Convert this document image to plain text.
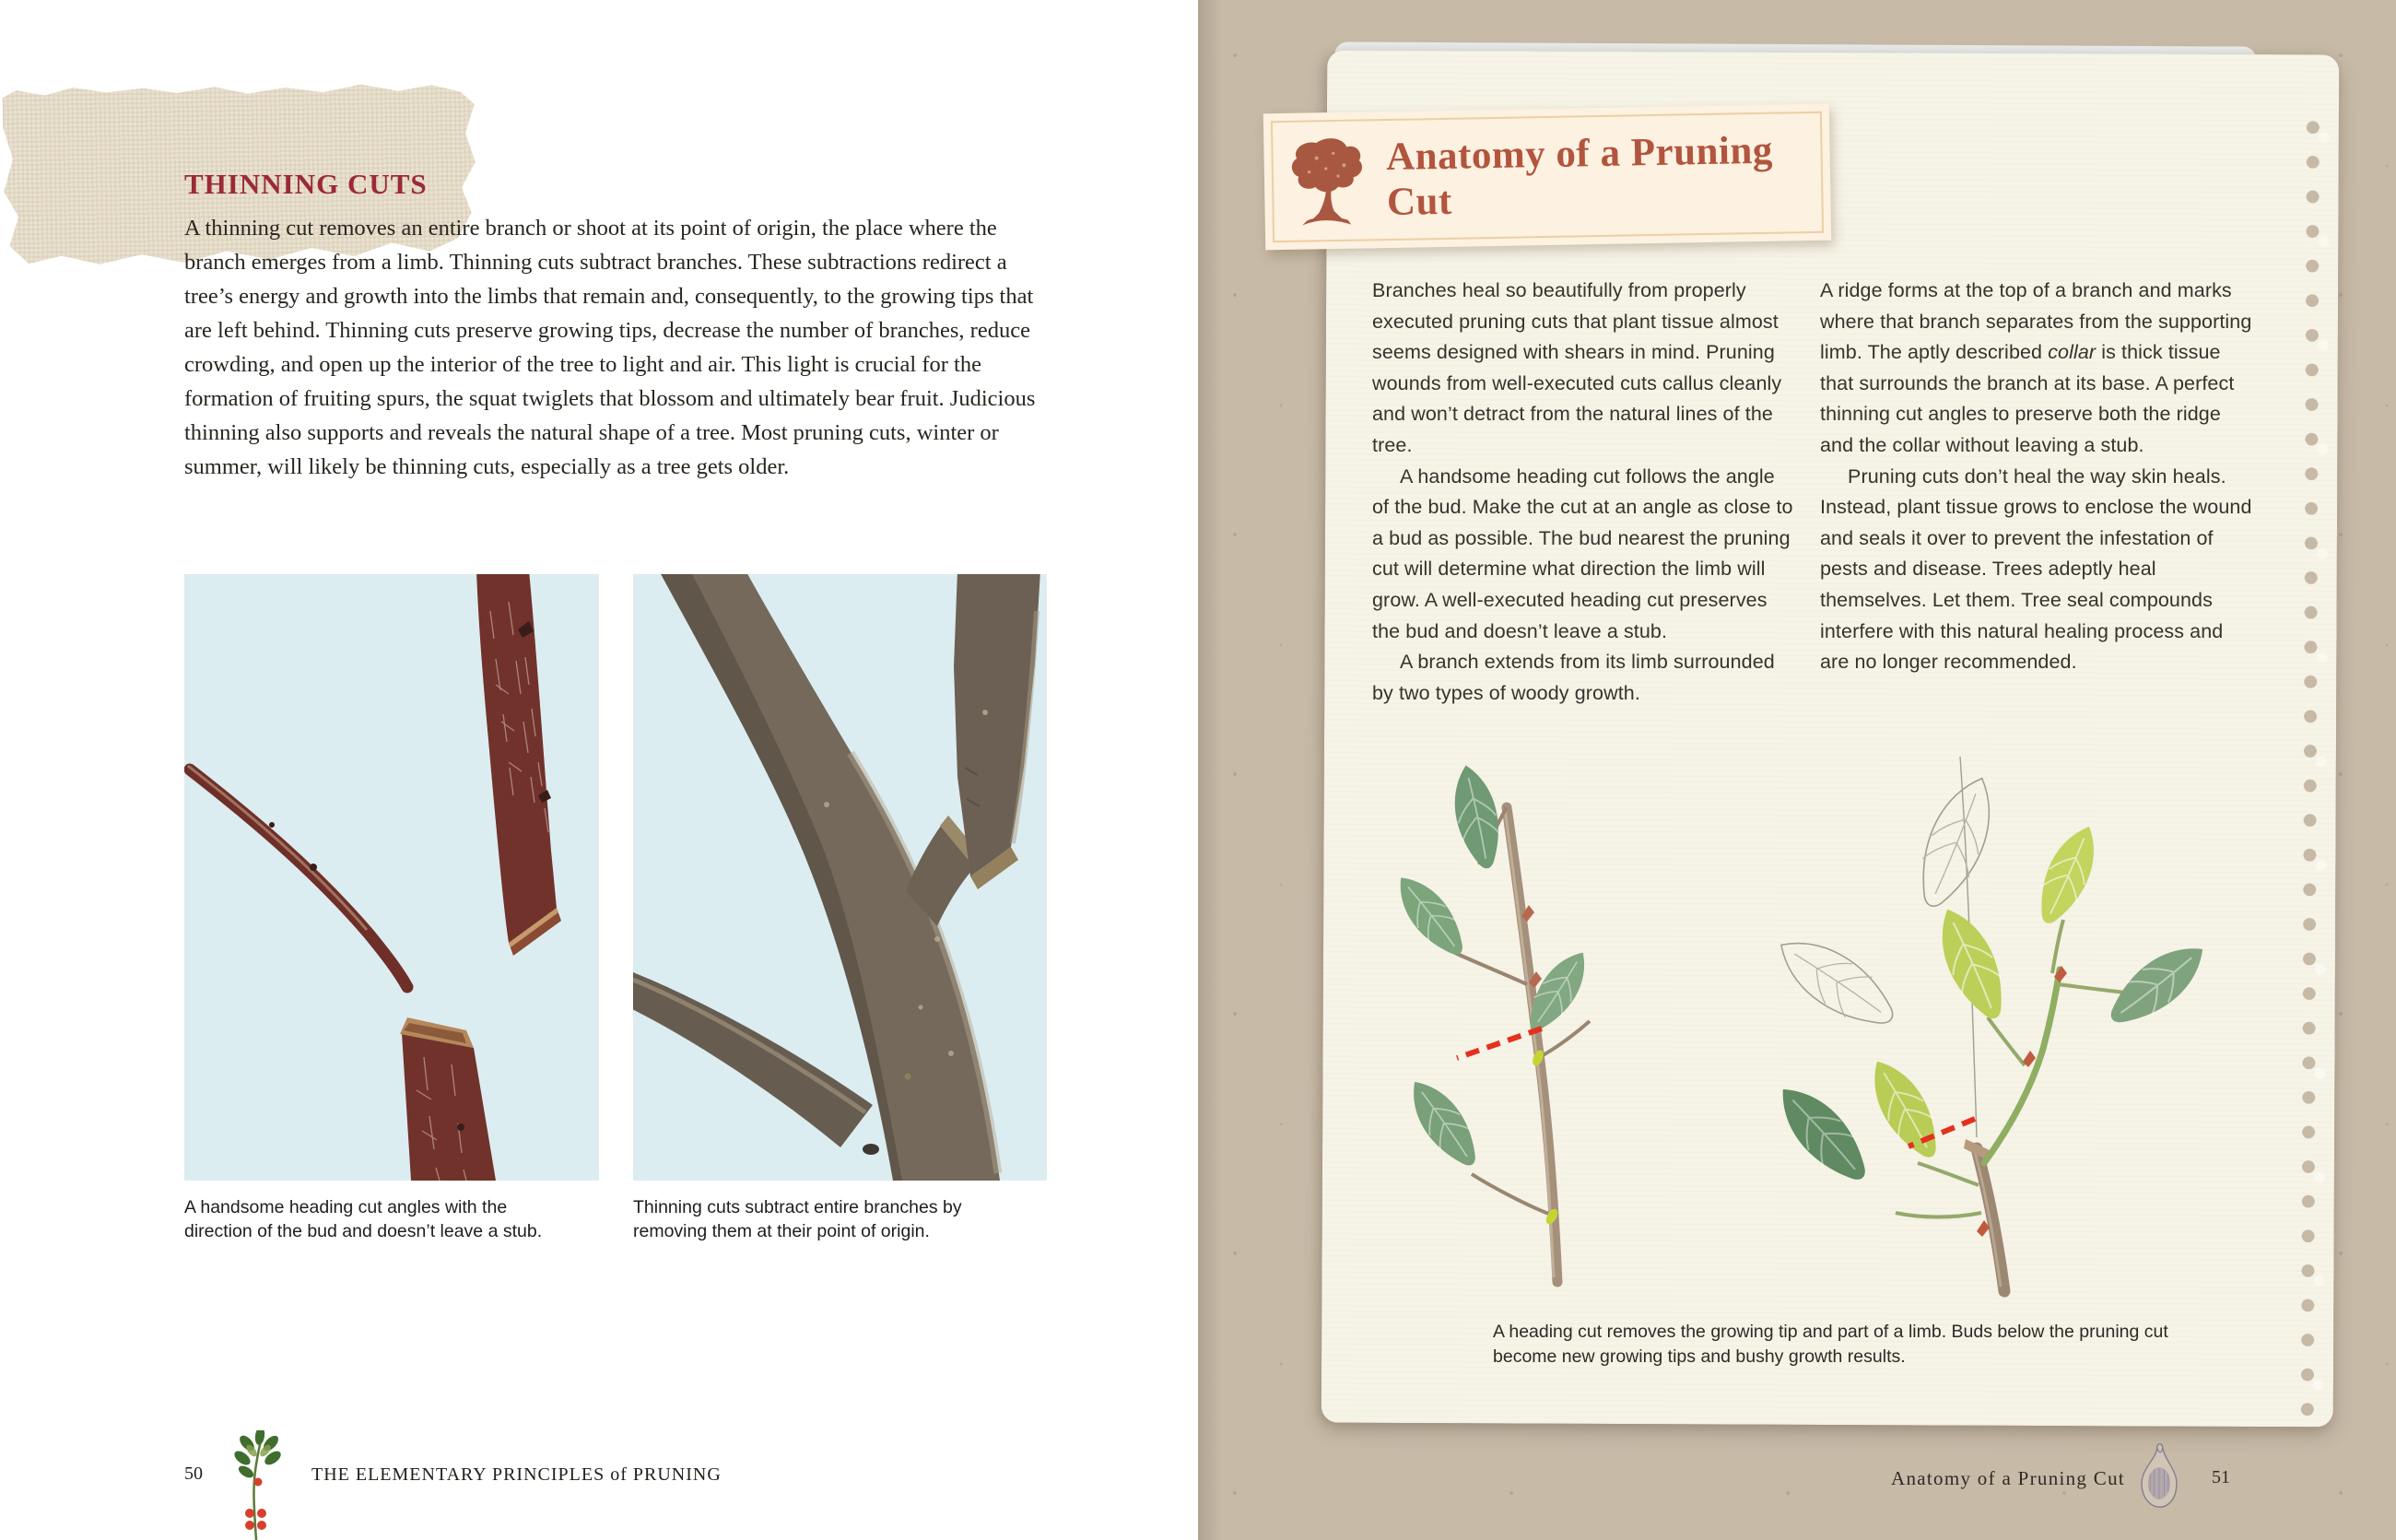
THINNING CUTS

A thinning cut removes an entire branch or shoot at its point of origin, the place where the branch emerges from a limb. Thinning cuts subtract branches. These subtractions redirect a tree’s energy and growth into the limbs that remain and, consequently, to the growing tips that are left behind. Thinning cuts preserve growing tips, decrease the number of branches, reduce crowding, and open up the interior of the tree to light and air. This light is crucial for the formation of fruiting spurs, the squat twiglets that blossom and ultimately bear fruit. Judicious thinning also supports and reveals the natural shape of a tree. Most pruning cuts, winter or summer, will likely be thinning cuts, especially as a tree gets older.

A handsome heading cut angles with the direction of the bud and doesn’t leave a stub.

Thinning cuts subtract entire branches by removing them at their point of origin.

50	THE ELEMENTARY PRINCIPLES of PRUNING
Anatomy of a Pruning Cut

Branches heal so beautifully from properly executed pruning cuts that plant tissue almost seems designed with shears in mind. Pruning wounds from well-executed cuts callus cleanly and won’t detract from the natural lines of the tree.

A handsome heading cut follows the angle of the bud. Make the cut at an angle as close to a bud as possible. The bud nearest the pruning cut will determine what direction the limb will grow. A well-executed heading cut preserves the bud and doesn’t leave a stub.

A branch extends from its limb surrounded by two types of woody growth.

A ridge forms at the top of a branch and marks where that branch separates from the supporting limb. The aptly described collar is thick tissue that surrounds the branch at its base. A perfect thinning cut angles to preserve both the ridge and the collar without leaving a stub.

Pruning cuts don’t heal the way skin heals. Instead, plant tissue grows to enclose the wound and seals it over to prevent the infestation of pests and disease. Trees adeptly heal themselves. Let them. Tree seal compounds interfere with this natural healing process and are no longer recommended.

A heading cut removes the growing tip and part of a limb. Buds below the pruning cut become new growing tips and bushy growth results.

Anatomy of a Pruning Cut	51
